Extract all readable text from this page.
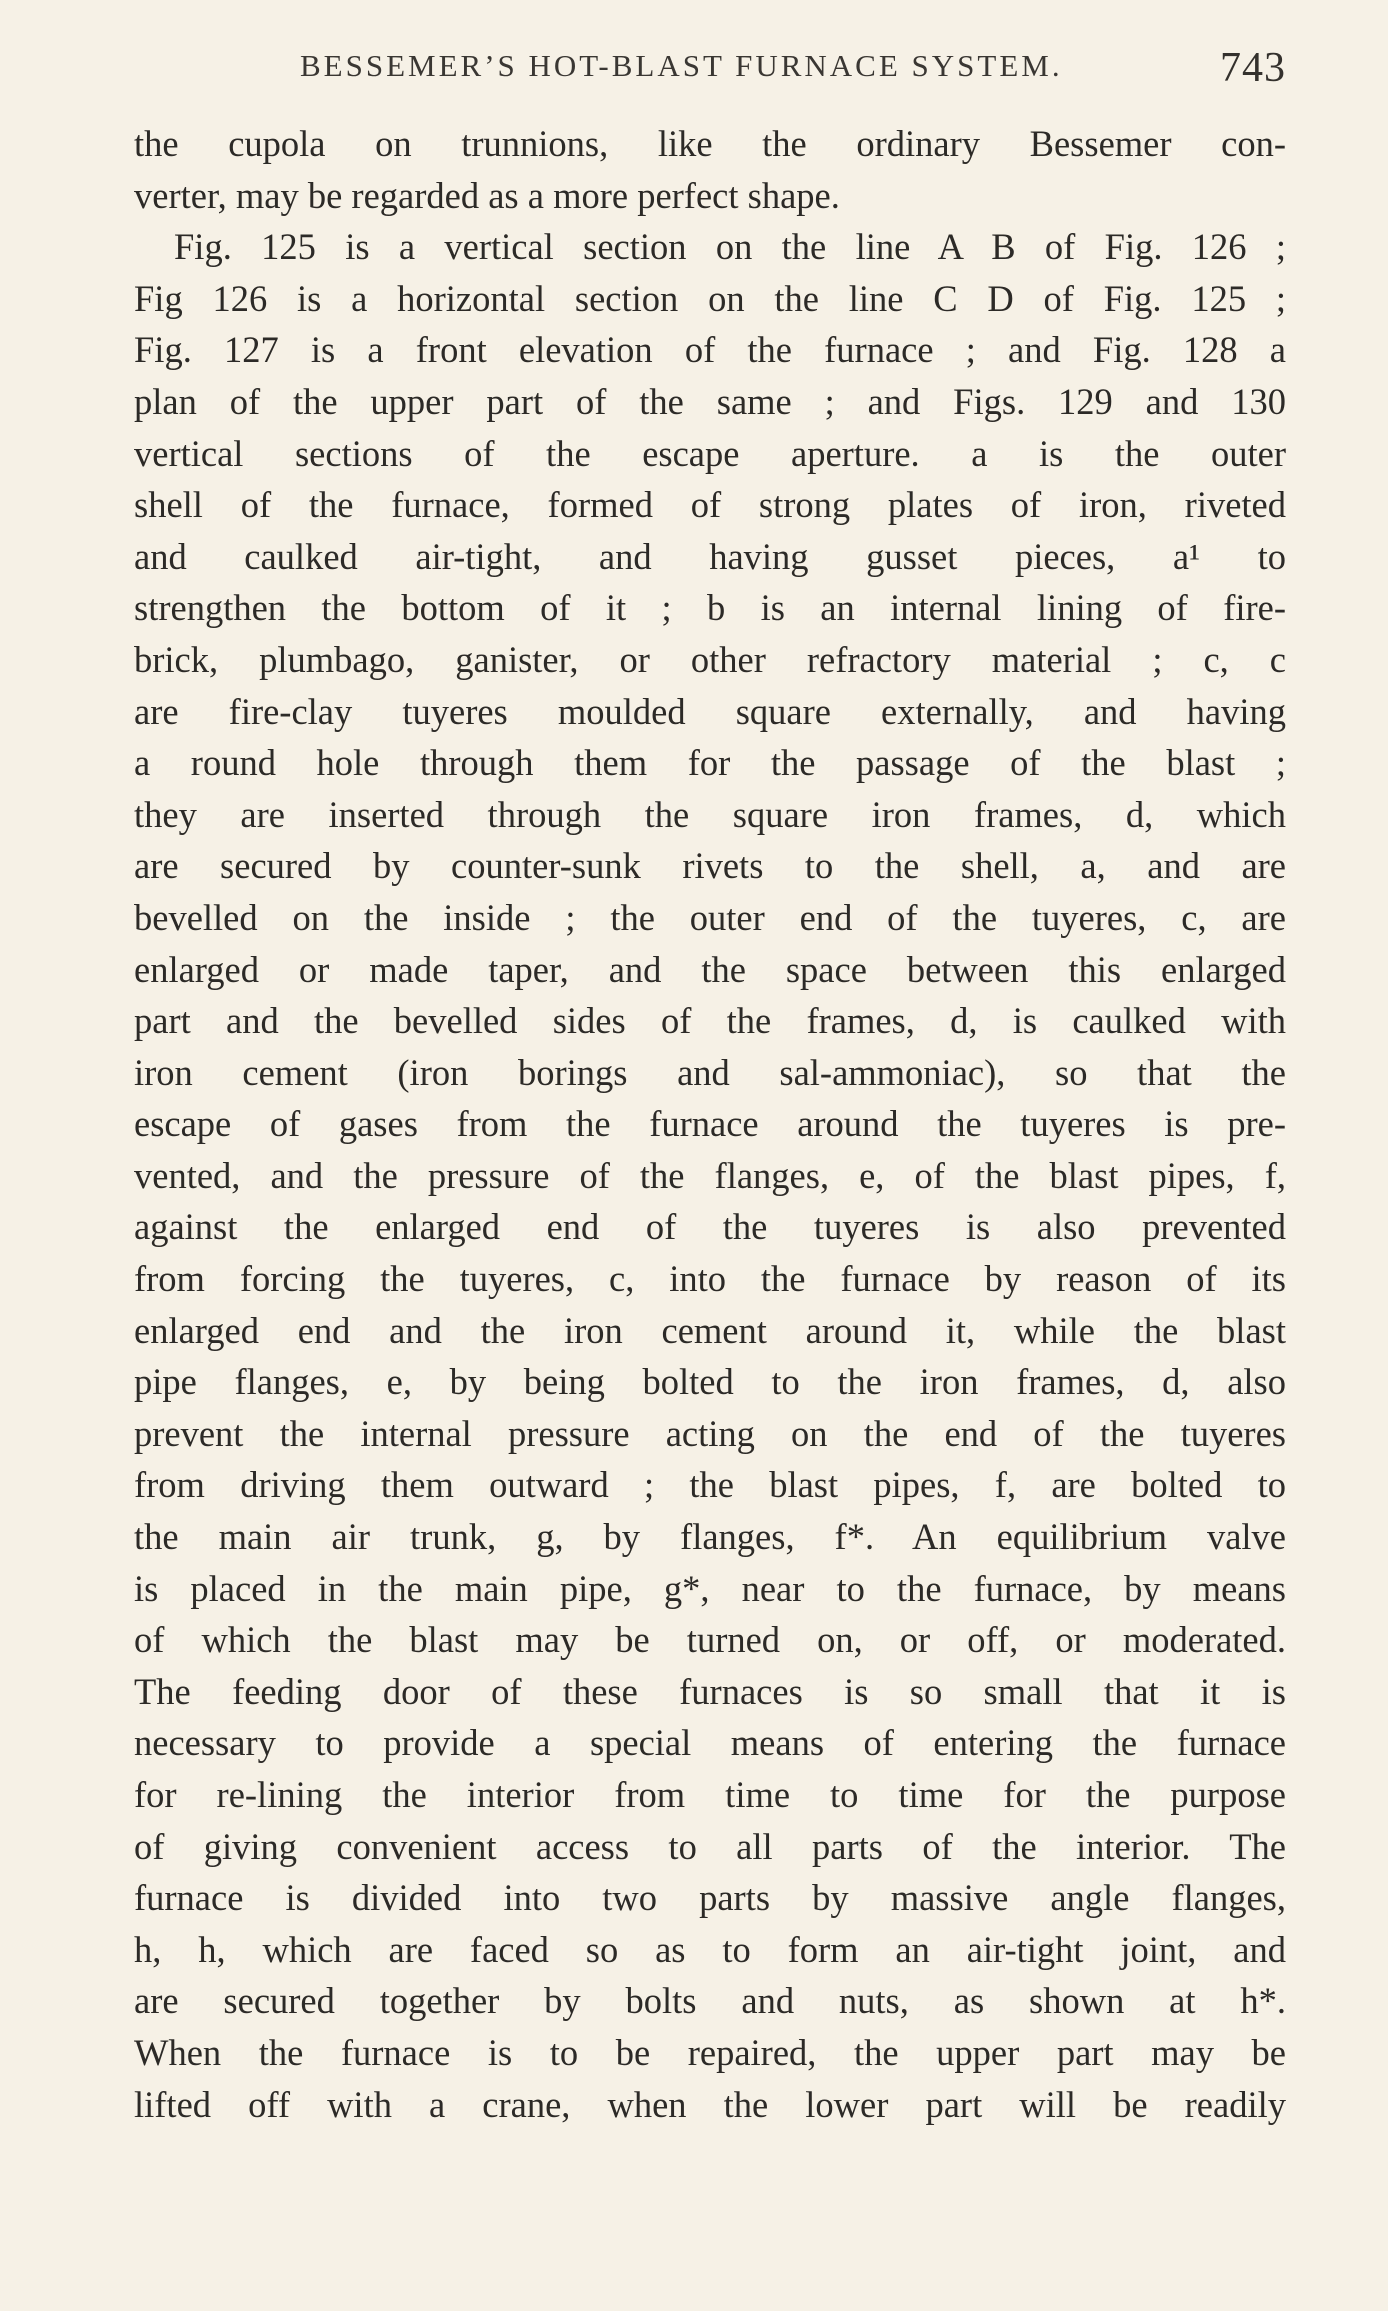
BESSEMER’S HOT-BLAST FURNACE SYSTEM.	743
the cupola on trunnions, like the ordinary Bessemer con-
verter, may be regarded as a more perfect shape.
Fig. 125 is a vertical section on the line A B of Fig. 126 ;
Fig 126 is a horizontal section on the line C D of Fig. 125 ;
Fig. 127 is a front elevation of the furnace ; and Fig. 128 a
plan of the upper part of the same ; and Figs. 129 and 130
vertical sections of the escape aperture. a is the outer
shell of the furnace, formed of strong plates of iron, riveted
and caulked air-tight, and having gusset pieces, a¹ to
strengthen the bottom of it ; b is an internal lining of fire-
brick, plumbago, ganister, or other refractory material ; c, c
are fire-clay tuyeres moulded square externally, and having
a round hole through them for the passage of the blast ;
they are inserted through the square iron frames, d, which
are secured by counter-sunk rivets to the shell, a, and are
bevelled on the inside ; the outer end of the tuyeres, c, are
enlarged or made taper, and the space between this enlarged
part and the bevelled sides of the frames, d, is caulked with
iron cement (iron borings and sal-ammoniac), so that the
escape of gases from the furnace around the tuyeres is pre-
vented, and the pressure of the flanges, e, of the blast pipes, f,
against the enlarged end of the tuyeres is also prevented
from forcing the tuyeres, c, into the furnace by reason of its
enlarged end and the iron cement around it, while the blast
pipe flanges, e, by being bolted to the iron frames, d, also
prevent the internal pressure acting on the end of the tuyeres
from driving them outward ; the blast pipes, f, are bolted to
the main air trunk, g, by flanges, f*. An equilibrium valve
is placed in the main pipe, g*, near to the furnace, by means
of which the blast may be turned on, or off, or moderated.
The feeding door of these furnaces is so small that it is
necessary to provide a special means of entering the furnace
for re-lining the interior from time to time for the purpose
of giving convenient access to all parts of the interior. The
furnace is divided into two parts by massive angle flanges,
h, h, which are faced so as to form an air-tight joint, and
are secured together by bolts and nuts, as shown at h*.
When the furnace is to be repaired, the upper part may be
lifted off with a crane, when the lower part will be readily
